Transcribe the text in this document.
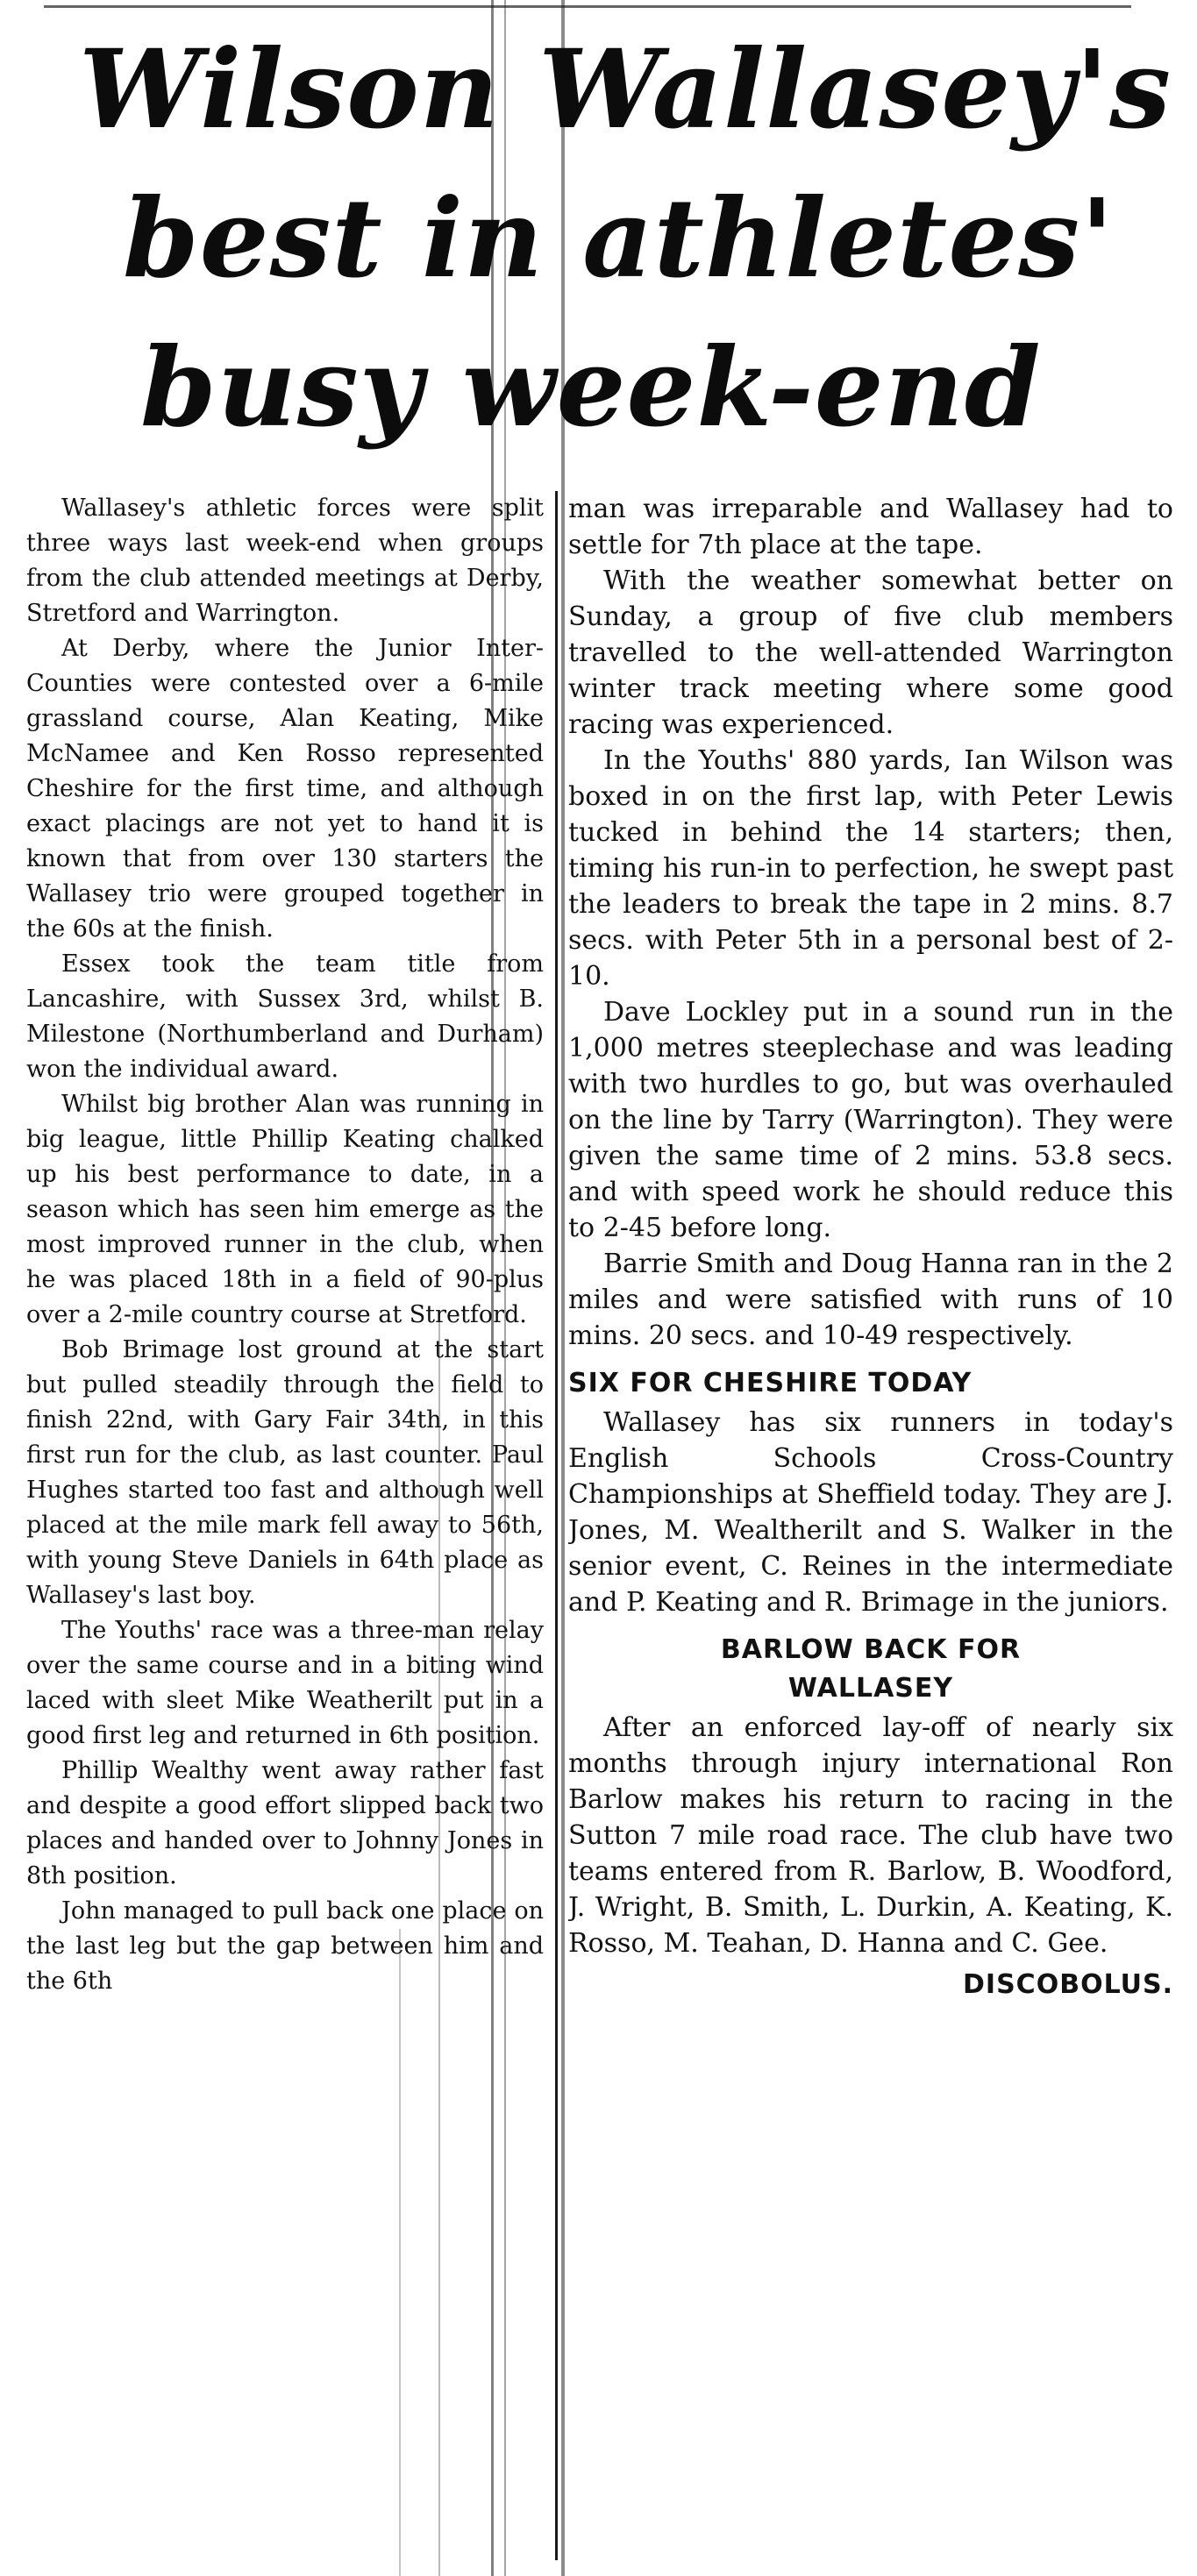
Wilson Wallasey's
best in athletes'
busy week-end

Wallasey's athletic forces were split three ways last week-end when groups from the club attended meetings at Derby, Stretford and Warrington.

At Derby, where the Junior Inter-Counties were contested over a 6-mile grassland course, Alan Keating, Mike McNamee and Ken Rosso represented Cheshire for the first time, and although exact placings are not yet to hand it is known that from over 130 starters the Wallasey trio were grouped together in the 60s at the finish.

Essex took the team title from Lancashire, with Sussex 3rd, whilst B. Milestone (Northumberland and Durham) won the individual award.

Whilst big brother Alan was running in big league, little Phillip Keating chalked up his best performance to date, in a season which has seen him emerge as the most improved runner in the club, when he was placed 18th in a field of 90-plus over a 2-mile country course at Stretford.

Bob Brimage lost ground at the start but pulled steadily through the field to finish 22nd, with Gary Fair 34th, in this first run for the club, as last counter. Paul Hughes started too fast and although well placed at the mile mark fell away to 56th, with young Steve Daniels in 64th place as Wallasey's last boy.

The Youths' race was a three-man relay over the same course and in a biting wind laced with sleet Mike Weatherilt put in a good first leg and returned in 6th position.

Phillip Wealthy went away rather fast and despite a good effort slipped back two places and handed over to Johnny Jones in 8th position.

John managed to pull back one place on the last leg but the gap between him and the 6th

man was irreparable and Wallasey had to settle for 7th place at the tape.

With the weather somewhat better on Sunday, a group of five club members travelled to the well-attended Warrington winter track meeting where some good racing was experienced.

In the Youths' 880 yards, Ian Wilson was boxed in on the first lap, with Peter Lewis tucked in behind the 14 starters; then, timing his run-in to perfection, he swept past the leaders to break the tape in 2 mins. 8.7 secs. with Peter 5th in a personal best of 2-10.

Dave Lockley put in a sound run in the 1,000 metres steeplechase and was leading with two hurdles to go, but was overhauled on the line by Tarry (Warrington). They were given the same time of 2 mins. 53.8 secs. and with speed work he should reduce this to 2-45 before long.

Barrie Smith and Doug Hanna ran in the 2 miles and were satisfied with runs of 10 mins. 20 secs. and 10-49 respectively.

SIX FOR CHESHIRE TODAY

Wallasey has six runners in today's English Schools Cross-Country Championships at Sheffield today. They are J. Jones, M. Wealtherilt and S. Walker in the senior event, C. Reines in the intermediate and P. Keating and R. Brimage in the juniors.

BARLOW BACK FOR
WALLASEY

After an enforced lay-off of nearly six months through injury international Ron Barlow makes his return to racing in the Sutton 7 mile road race. The club have two teams entered from R. Barlow, B. Woodford, J. Wright, B. Smith, L. Durkin, A. Keating, K. Rosso, M. Teahan, D. Hanna and C. Gee.

DISCOBOLUS.
